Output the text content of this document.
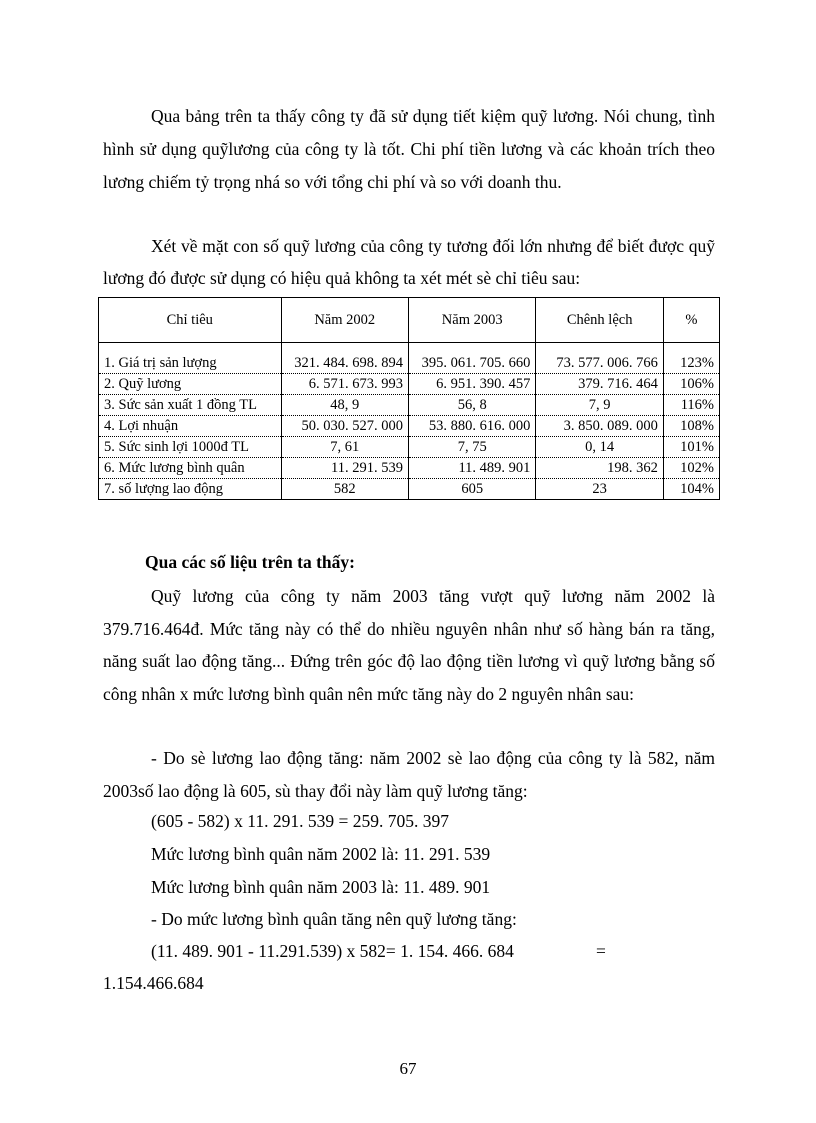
Qua bảng trên ta thấy công ty đã sử dụng tiết kiệm quỹ lương. Nói chung, tình hình sử dụng quỹlương của công ty là tốt. Chi phí tiền lương và các khoản trích theo lương chiếm tỷ trọng nhá so với tổng chi phí và so với doanh thu.

Xét về mặt con số quỹ lương của công ty tương đối lớn nhưng để biết được quỹ lương đó được sử dụng có hiệu quả không ta xét mét sè chỉ tiêu sau:

Chỉ tiêu	Năm 2002	Năm 2003	Chênh lệch	%

1. Giá trị sản lượng	321. 484. 698. 894	395. 061. 705. 660	73. 577. 006. 766	123%
2. Quỹ lương	6. 571. 673. 993	6. 951. 390. 457	379. 716. 464	106%
3. Sức sản xuất 1 đồng TL	48, 9	56, 8	7, 9	116%
4. Lợi nhuận	50. 030. 527. 000	53. 880. 616. 000	3. 850. 089. 000	108%
5. Sức sinh lợi 1000đ TL	7, 61	7, 75	0, 14	101%
6. Mức lương bình quân	11. 291. 539	11. 489. 901	198. 362	102%
7. số lượng lao động	582	605	23	104%

Qua các số liệu trên ta thấy:

Quỹ lương của công ty năm 2003 tăng vượt quỹ lương năm 2002 là 379.716.464đ. Mức tăng này có thể do nhiều nguyên nhân như số hàng bán ra tăng, năng suất lao động tăng... Đứng trên góc độ lao động tiền lương vì quỹ lương bằng số công nhân x mức lương bình quân nên mức tăng này do 2 nguyên nhân sau:

- Do sè lương lao động tăng: năm 2002 sè lao động của công ty là 582, năm 2003số lao động là 605, sù thay đổi này làm quỹ lương tăng:

(605 - 582) x 11. 291. 539 = 259. 705. 397

Mức lương bình quân năm 2002 là: 11. 291. 539

Mức lương bình quân năm 2003 là: 11. 489. 901

- Do mức lương bình quân tăng nên quỹ lương tăng:

(11. 489. 901 - 11.291.539) x 582= 1. 154. 466. 684	=

1.154.466.684

67
